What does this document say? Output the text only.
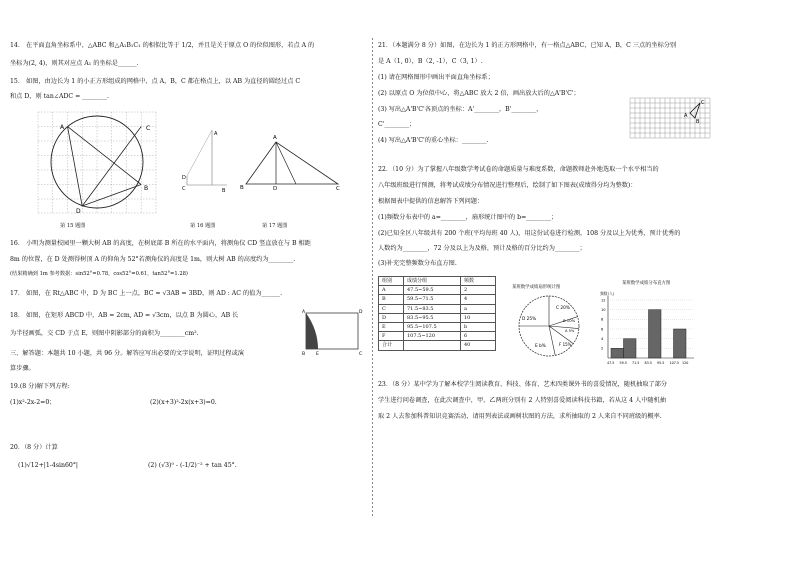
14． 在平面直角坐标系中，△ABC 和△A₁B₁C₁ 的相似比等于 1/2，并且是关于原点 O 的位似图形，若点 A 的
坐标为(2, 4)，则其对应点 A₁ 的坐标是______.
15． 如图，由边长为 1 的小正方形组成的网格中，点 A，B，C 都在格点上，以 AB 为直径的圆经过点 C
和点 D，则 tan∠ADC = ________.
A	C
B
D
D
C	B
A
A
B	D	C
第 15 题图	第 16 题图	第 17 题图
16． 小明为测量校园里一颗大树 AB 的高度，在树底部 B 所在的水平面内，将测角仪 CD 竖直放在与 B 相距
8m 的位置，在 D 处测得树顶 A 的仰角为 52°若测角仪的高度是 1m，则大树 AB 的高度约为________.
(结果精确到 1m 参考数据：sin52°=0.78，cos52°=0.61，tan52°=1.28)
17． 如图，在 Rt△ABC 中，D 为 BC 上一点，BC = √3AB = 3BD，则 AD : AC 的值为______.
18． 如图，在矩形 ABCD 中，AB = 2cm, AD = √3cm，以点 B 为圆心，AB 长
为半径画弧，交 CD 于点 E，则图中阴影部分的面积为________cm².
A	D
B E	C
三、解答题：本题共 10 小题，共 96 分。解答应写出必要的文字说明，证明过程或演
算步骤。
19.(8 分)解下列方程:
(1)x²-2x-2=0；	(2)(x+3)²-2x(x+3)=0.
20．（8 分）计算
(1)√12+|1-4sin60°|	(2) (√3)⁰ - (-1/2)⁻² + tan 45°.
21．（本题满分 8 分）如图，在边长为 1 的正方形网格中，有一格点△ABC，已知 A，B，C 三点的坐标分别
是 A（1, 0），B（2, -1），C（3, 1）.
(1) 请在网格图形中画出平面直角坐标系；
(2) 以原点 O 为位似中心，将△ABC 放大 2 倍，画出放大后的△A'B'C'；
(3) 写出△A'B'C'各顶点的坐标：A'________，B'________，
C'________；
(4) 写出△A'B'C'的重心坐标：________.
C
A
B
22．（10 分）为了掌握八年级数学考试卷的命题质量与难度系数，命题教师赴外地选取一个水平相当的
八年级班级进行预测，将考试成绩分布情况进行整理后，绘制了如下图表(成绩得分均为整数)：
根据图表中提供的信息解答下列问题：
(1)频数分布表中的 a=________，扇形统计图中的 b=________；
(2)已知全区八年级共有 200 个班(平均每班 40 人)，用这份试卷进行检测，108 分及以上为优秀，预计优秀的
人数约为________，72 分及以上为及格，预计及格的百分比约为________；
(3)补充完整频数分布直方图.
组别	成绩分组	频数
A	47.5~59.5	2
B	59.5~71.5	4
C	71.5~83.5	a
D	83.5~95.5	10
E	95.5~107.5	b
F	107.5~120	6
合计		40
某班数学成绩扇形统计图
C 20%
B 10%
A 5%
F 15%
E b%
D 25%
某班数学成绩分布直方图
频数(人)
2
4
6
8
10
12
47.5 59.5 71.5 83.5 95.5 107.5 120
23．（8 分）某中学为了解本校学生阅读教育、科技、体育、艺术四类课外书的喜爱情况，随机抽取了部分
学生进行问卷调查，在此次调查中，甲、乙两班分别有 2 人特别喜爱阅读科技书籍，若从这 4 人中随机抽
取 2 人去参加科普知识竞赛活动，请用列表法或画树状图的方法，求所抽取的 2 人来自不同班级的概率.
